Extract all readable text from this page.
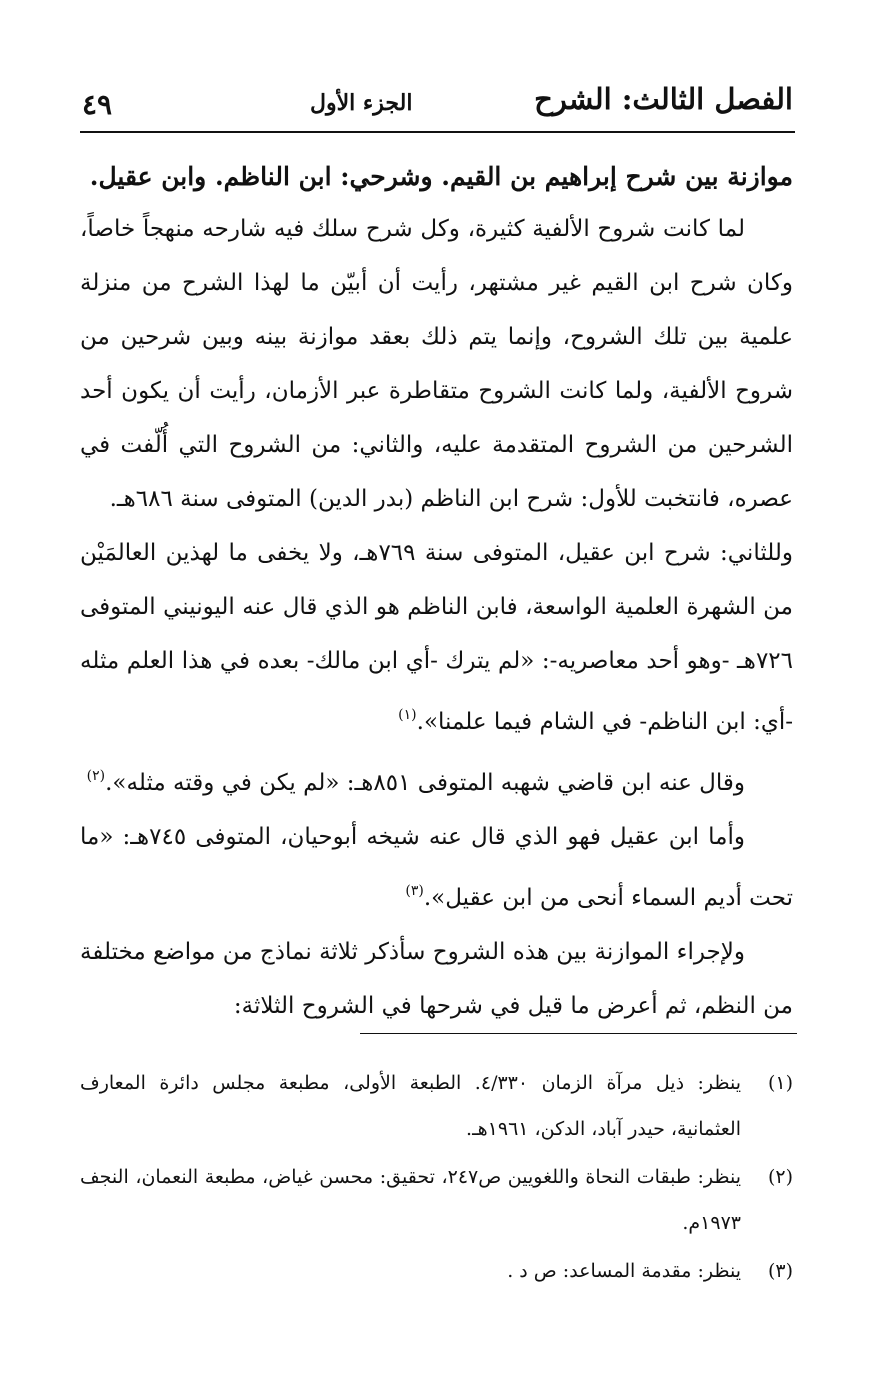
الفصل الثالث: الشرح
الجزء الأول
٤٩
موازنة بين شرح إبراهيم بن القيم. وشرحي: ابن الناظم. وابن عقيل.

لما كانت شروح الألفية كثيرة، وكل شرح سلك فيه شارحه منهجاً خاصاً، وكان شرح ابن القيم غير مشتهر، رأيت أن أبيّن ما لهذا الشرح من منزلة علمية بين تلك الشروح، وإنما يتم ذلك بعقد موازنة بينه وبين شرحين من شروح الألفية، ولما كانت الشروح متقاطرة عبر الأزمان، رأيت أن يكون أحد الشرحين من الشروح المتقدمة عليه، والثاني: من الشروح التي أُلّفت في عصره، فانتخبت للأول: شرح ابن الناظم (بدر الدين) المتوفى سنة ٦٨٦هـ.

وللثاني: شرح ابن عقيل، المتوفى سنة ٧٦٩هـ، ولا يخفى ما لهذين العالمَيْن من الشهرة العلمية الواسعة، فابن الناظم هو الذي قال عنه اليونيني المتوفى ٧٢٦هـ -وهو أحد معاصريه-: «لم يترك -أي ابن مالك- بعده في هذا العلم مثله -أي: ابن الناظم- في الشام فيما علمنا».$^{(١)}$

وقال عنه ابن قاضي شهبه المتوفى ٨٥١هـ: «لم يكن في وقته مثله».$^{(٢)}$

وأما ابن عقيل فهو الذي قال عنه شيخه أبوحيان، المتوفى ٧٤٥هـ: «ما تحت أديم السماء أنحى من ابن عقيل».$^{(٣)}$

ولإجراء الموازنة بين هذه الشروح سأذكر ثلاثة نماذج من مواضع مختلفة من النظم، ثم أعرض ما قيل في شرحها في الشروح الثلاثة:

(١)
ينظر: ذيل مرآة الزمان ٤/٣٣٠. الطبعة الأولى، مطبعة مجلس دائرة المعارف العثمانية، حيدر آباد، الدكن، ١٩٦١هـ.
(٢)
ينظر: طبقات النحاة واللغويين ص٢٤٧، تحقيق: محسن غياض، مطبعة النعمان، النجف ١٩٧٣م.
(٣)
ينظر: مقدمة المساعد: ص د .
